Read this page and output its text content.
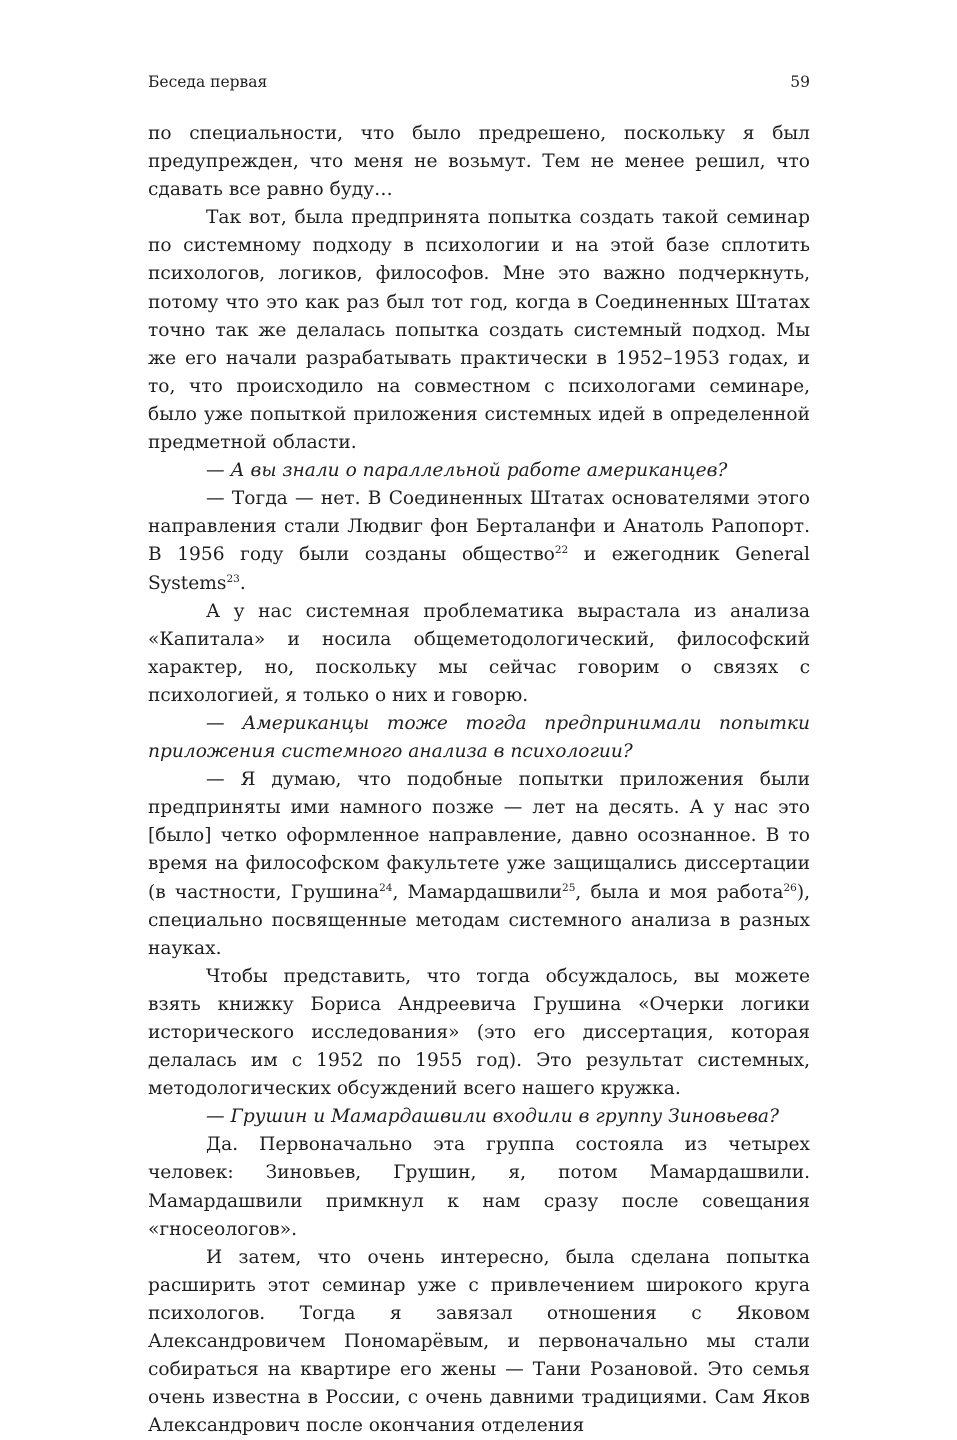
Беседа первая	59

по специальности, что было предрешено, поскольку я был предупрежден, что меня не возьмут. Тем не менее решил, что сдавать все равно буду…

Так вот, была предпринята попытка создать такой семинар по системному подходу в психологии и на этой базе сплотить психологов, логиков, философов. Мне это важно подчеркнуть, потому что это как раз был тот год, когда в Соединенных Штатах точно так же делалась попытка создать системный подход. Мы же его начали разрабатывать практически в 1952–1953 годах, и то, что происходило на совместном с психологами семинаре, было уже попыткой приложения системных идей в определенной предметной области.

— А вы знали о параллельной работе американцев?

— Тогда — нет. В Соединенных Штатах основателями этого направления стали Людвиг фон Берталанфи и Анатоль Рапопорт. В 1956 году были созданы общество$^{22}$ и ежегодник General Systems$^{23}$.

А у нас системная проблематика вырастала из анализа «Капитала» и носила общеметодологический, философский характер, но, поскольку мы сейчас говорим о связях с психологией, я только о них и говорю.

— Американцы тоже тогда предпринимали попытки приложения системного анализа в психологии?

— Я думаю, что подобные попытки приложения были предприняты ими намного позже — лет на десять. А у нас это [было] четко оформленное направление, давно осознанное. В то время на философском факультете уже защищались диссертации (в частности, Грушина$^{24}$, Мамардашвили$^{25}$, была и моя работа$^{26}$), специально посвященные методам системного анализа в разных науках.

Чтобы представить, что тогда обсуждалось, вы можете взять книжку Бориса Андреевича Грушина «Очерки логики исторического исследования» (это его диссертация, которая делалась им с 1952 по 1955 год). Это результат системных, методологических обсуждений всего нашего кружка.

— Грушин и Мамардашвили входили в группу Зиновьева?

Да. Первоначально эта группа состояла из четырех человек: Зиновьев, Грушин, я, потом Мамардашвили. Мамардашвили примкнул к нам сразу после совещания «гносеологов».

И затем, что очень интересно, была сделана попытка расширить этот семинар уже с привлечением широкого круга психологов. Тогда я завязал отношения с Яковом Александровичем Пономарёвым, и первоначально мы стали собираться на квартире его жены — Тани Розановой. Это семья очень известна в России, с очень давними традициями. Сам Яков Александрович после окончания отделения
